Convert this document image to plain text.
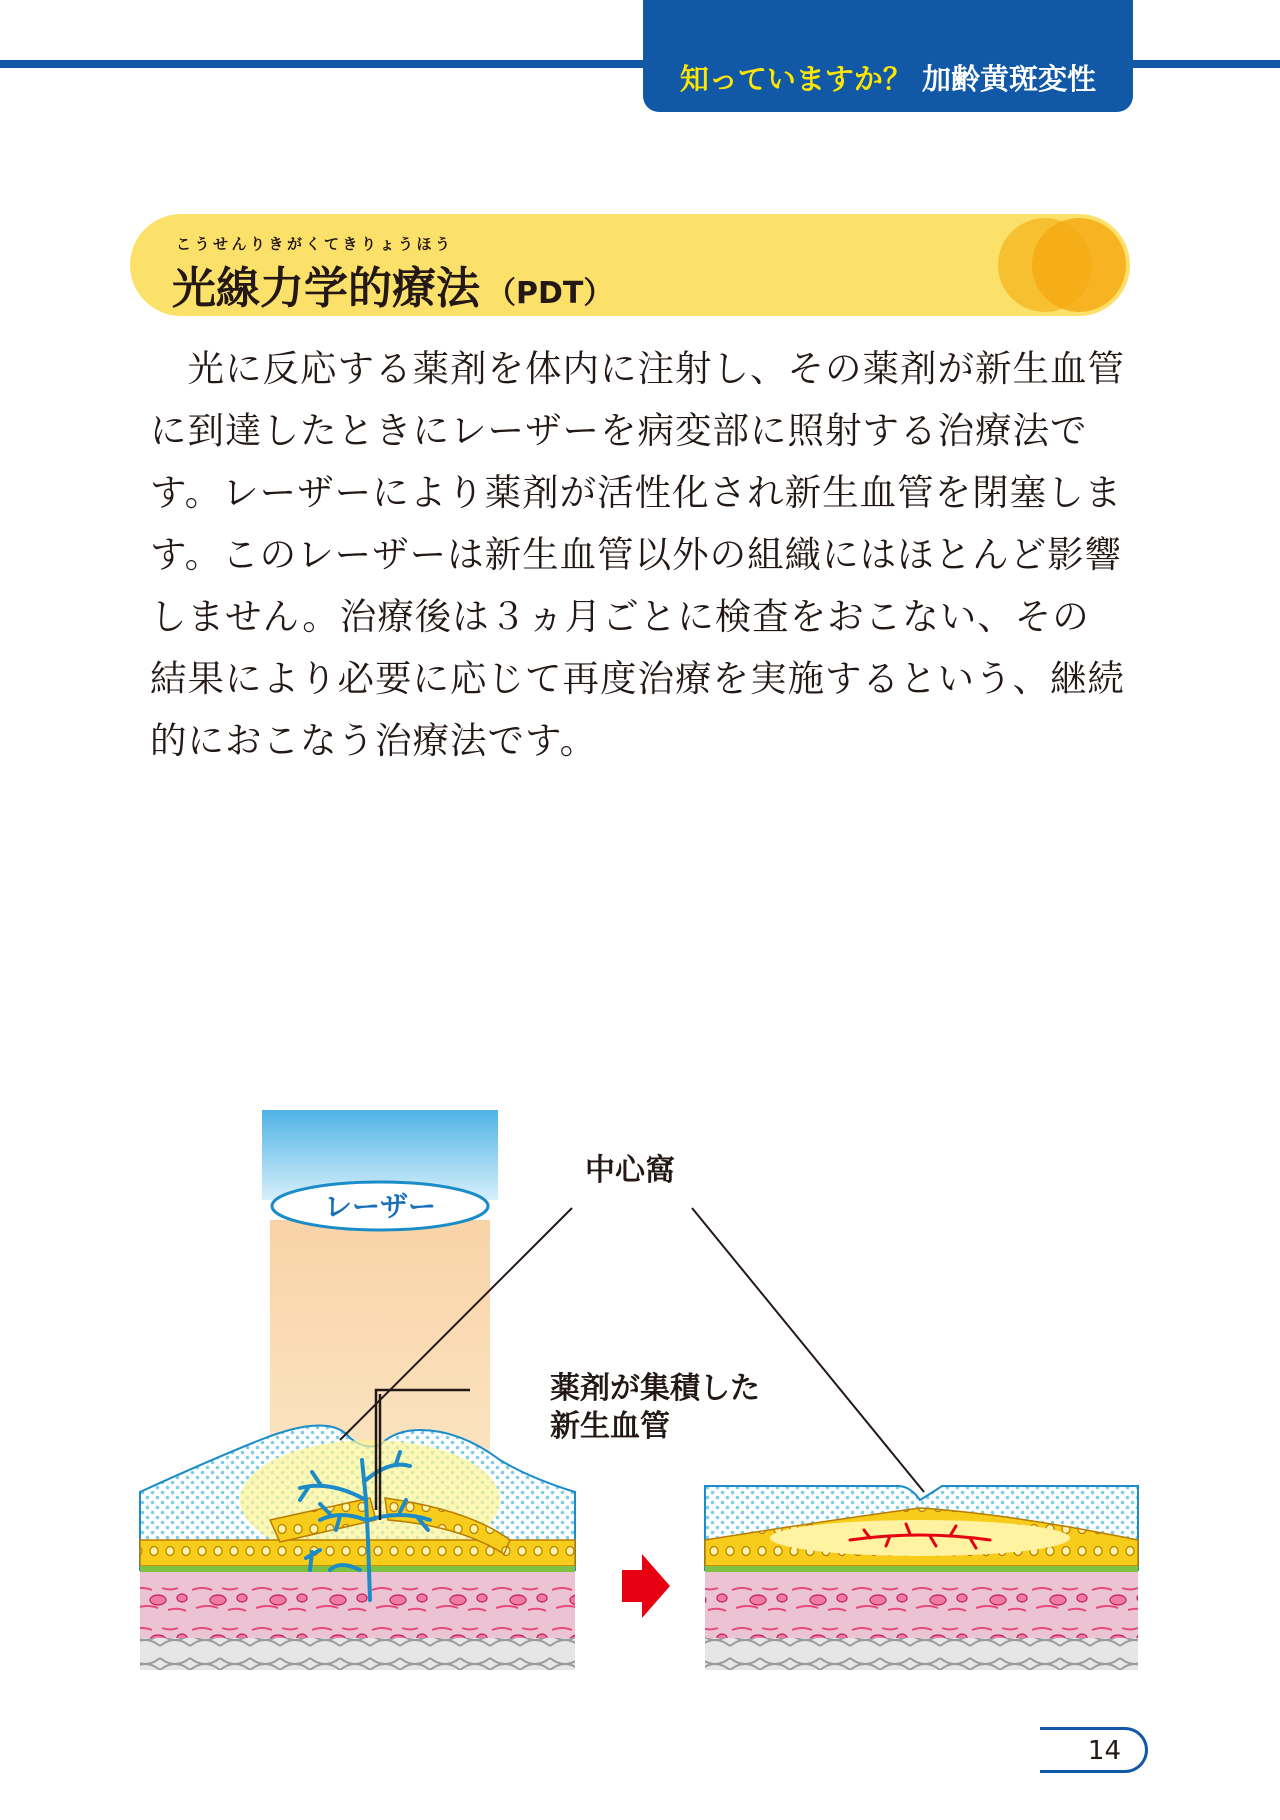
知っていますか？ 加齢黄斑変性
こうせんりきがくてきりょうほう
光線力学的療法 （PDT）
　光に反応する薬剤を体内に注射し、その薬剤が新生血管
に到達したときにレーザーを病変部に照射する治療法で
す。レーザーにより薬剤が活性化され新生血管を閉塞しま
す。このレーザーは新生血管以外の組織にはほとんど影響
しません。治療後は３ヵ月ごとに検査をおこない、その
結果により必要に応じて再度治療を実施するという、継続
的におこなう治療法です。
レーザー
中心窩
薬剤が集積した
新生血管
14
